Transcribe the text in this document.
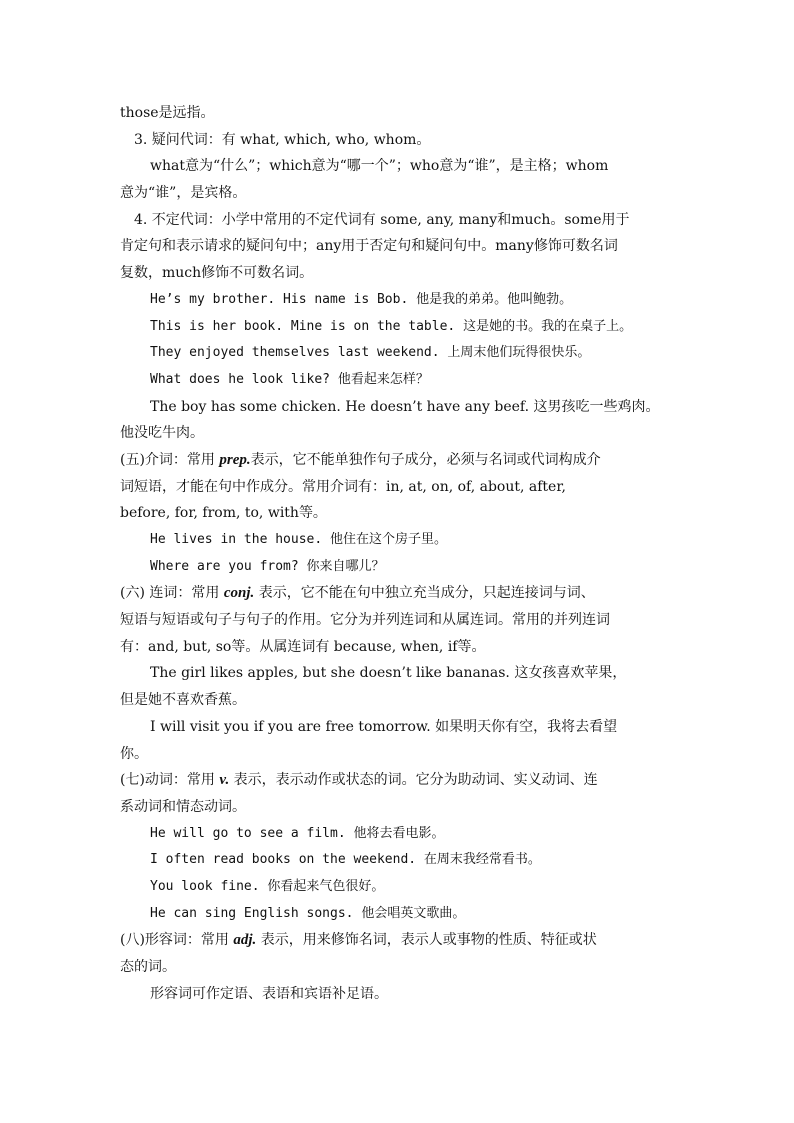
those是远指。
3. 疑问代词：有 what, which, who, whom。
what意为“什么”；which意为“哪一个”；who意为“谁”，是主格；whom
意为“谁”，是宾格。
4. 不定代词：小学中常用的不定代词有 some, any, many和much。some用于
肯定句和表示请求的疑问句中；any用于否定句和疑问句中。many修饰可数名词
复数，much修饰不可数名词。
He’s my brother. His name is Bob. 他是我的弟弟。他叫鲍勃。
This is her book. Mine is on the table. 这是她的书。我的在桌子上。
They enjoyed themselves last weekend. 上周末他们玩得很快乐。
What does he look like? 他看起来怎样？
The boy has some chicken. He doesn’t have any beef. 这男孩吃一些鸡肉。
他没吃牛肉。
(五)介词：常用 prep.表示，它不能单独作句子成分，必须与名词或代词构成介
词短语，才能在句中作成分。常用介词有：in, at, on, of, about, after,
before, for, from, to, with等。
He lives in the house. 他住在这个房子里。
Where are you from? 你来自哪儿？
(六) 连词：常用 conj. 表示，它不能在句中独立充当成分，只起连接词与词、
短语与短语或句子与句子的作用。它分为并列连词和从属连词。常用的并列连词
有：and, but, so等。从属连词有 because, when, if等。
The girl likes apples, but she doesn’t like bananas. 这女孩喜欢苹果，
但是她不喜欢香蕉。
I will visit you if you are free tomorrow. 如果明天你有空，我将去看望
你。
(七)动词：常用 v. 表示，表示动作或状态的词。它分为助动词、实义动词、连
系动词和情态动词。
He will go to see a film. 他将去看电影。
I often read books on the weekend. 在周末我经常看书。
You look fine. 你看起来气色很好。
He can sing English songs. 他会唱英文歌曲。
(八)形容词：常用 adj. 表示，用来修饰名词，表示人或事物的性质、特征或状
态的词。
形容词可作定语、表语和宾语补足语。
